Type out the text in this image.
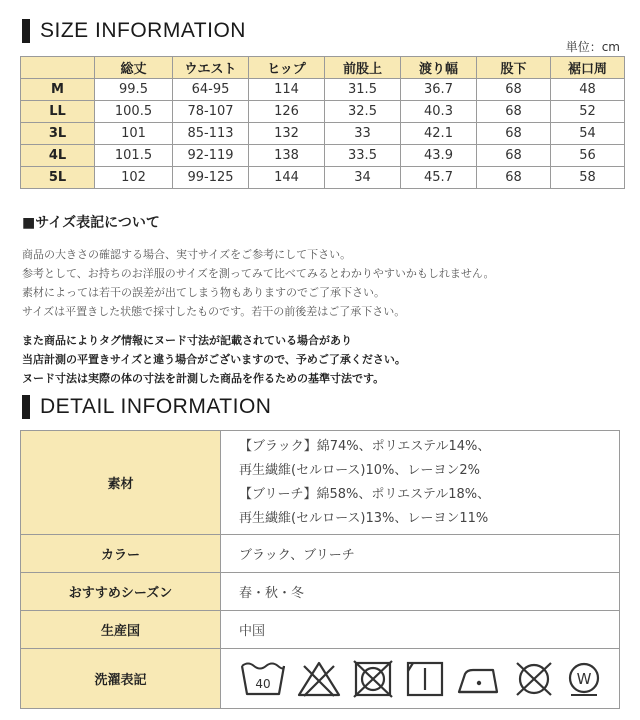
SIZE INFORMATION
単位：cm
	総丈	ウエスト	ヒップ	前股上	渡り幅	股下	裾口周
M	99.5	64-95	114	31.5	36.7	68	48
LL	100.5	78-107	126	32.5	40.3	68	52
3L	101	85-113	132	33	42.1	68	54
4L	101.5	92-119	138	33.5	43.9	68	56
5L	102	99-125	144	34	45.7	68	58
■サイズ表記について
商品の大きさの確認する場合、実寸サイズをご参考にして下さい。
参考として、お持ちのお洋服のサイズを測ってみて比べてみるとわかりやすいかもしれません。
素材によっては若干の誤差が出てしまう物もありますのでご了承下さい。
サイズは平置きした状態で採寸したものです。若干の前後差はご了承下さい。
また商品によりタグ情報にヌード寸法が記載されている場合があり
当店計測の平置きサイズと違う場合がございますので、予めご了承ください。
ヌード寸法は実際の体の寸法を計測した商品を作るための基準寸法です。
DETAIL INFORMATION
素材	【ブラック】綿74%、ポリエステル14%、
再生繊維(セルロース)10%、レーヨン2%
【ブリーチ】綿58%、ポリエステル18%、
再生繊維(セルロース)13%、レーヨン11%

カラー	ブラック、ブリーチ
おすすめシーズン	春・秋・冬
生産国	中国
洗濯表記	40 W
